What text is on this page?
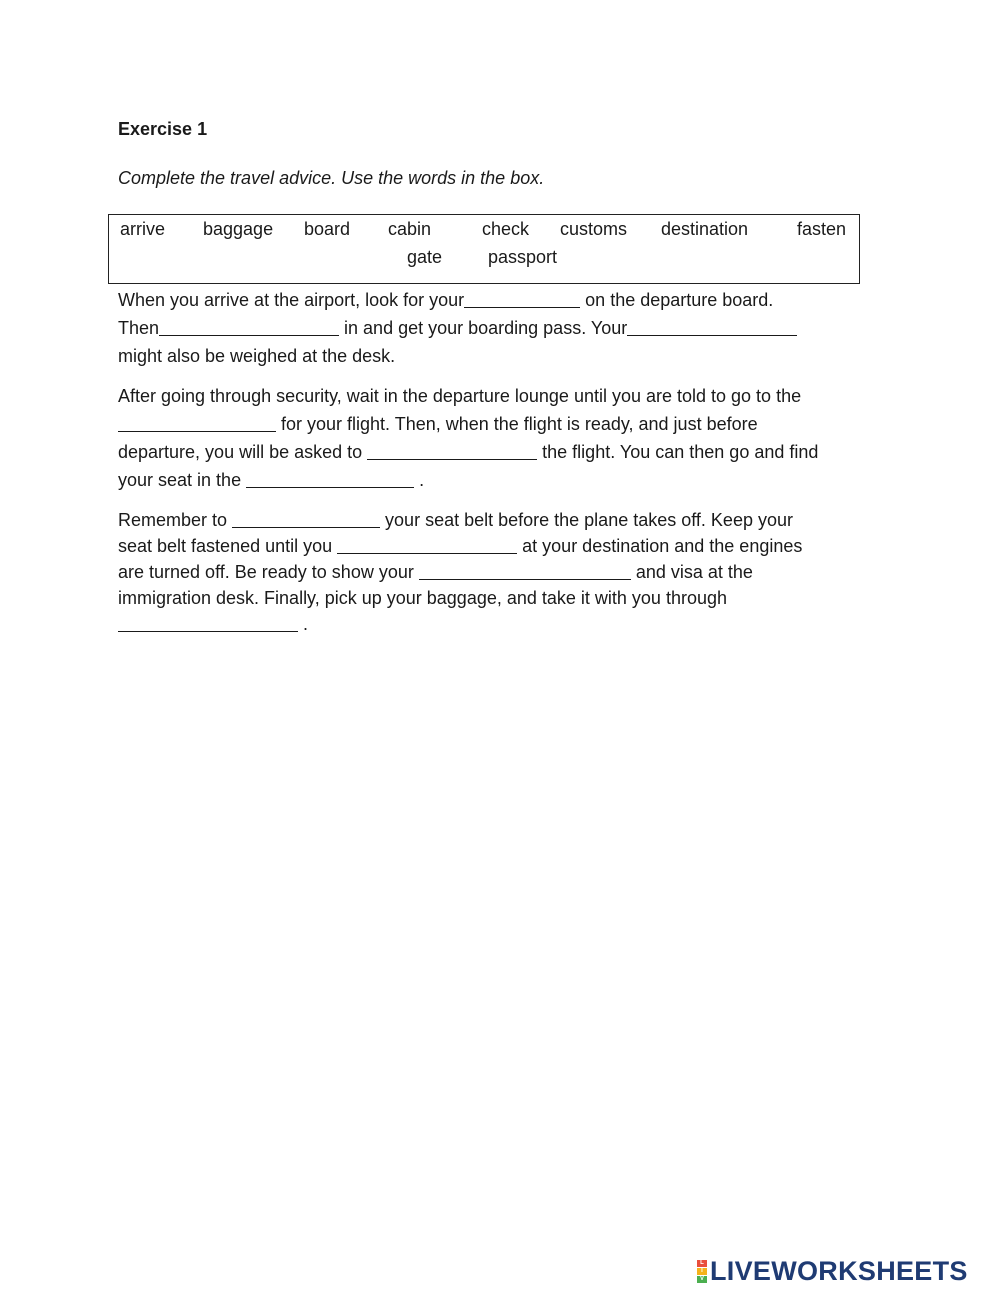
Exercise 1
Complete the travel advice. Use the words in the box.
arrive baggage board cabin	check customs destination	fasten
gate	passport
When you arrive at the airport, look for your	on the departure board.
Then	in and get your boarding pass. Your
might also be weighed at the desk.
After going through security, wait in the departure lounge until you are told to go to the
for your flight. Then, when the flight is ready, and just before
departure, you will be asked to	the flight. You can then go and find
your seat in the	.
Remember to	your seat belt before the plane takes off. Keep your
seat belt fastened until you	at your destination and the engines
are turned off. Be ready to show your	and visa at the
immigration desk. Finally, pick up your baggage, and take it with you through
.
L
I
V LIVEWORKSHEETS
